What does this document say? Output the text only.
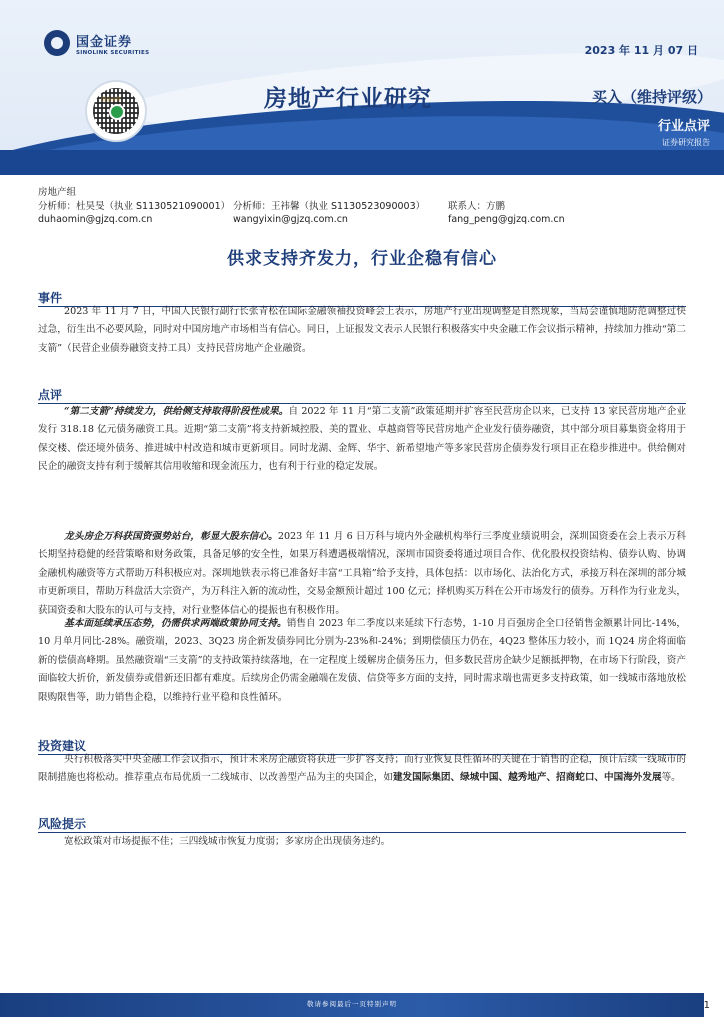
国金证券
SINOLINK SECURITIES	2023 年 11 月 07 日
国金证券	房地产行业研究	买入（维持评级）
行业点评
证券研究报告
房地产组
分析师：杜昊旻（执业 S1130521090001） 分析师：王祎馨（执业 S1130523090003）	联系人：方鹏
duhaomin@gjzq.com.cn	wangyixin@gjzq.com.cn	fang_peng@gjzq.com.cn
供求支持齐发力，行业企稳有信心
事件
2023 年 11 月 7 日，中国人民银行副行长张青松在国际金融领袖投资峰会上表示，房地产行业出现调整是自然现象，当局会谨慎地防范调整过快过急，衍生出不必要风险，同时对中国房地产市场相当有信心。同日，上证报发文表示人民银行积极落实中央金融工作会议指示精神，持续加力推动“第二支箭”（民营企业债券融资支持工具）支持民营房地产企业融资。
点评
“第二支箭”持续发力，供给侧支持取得阶段性成果。自 2022 年 11 月“第二支箭”政策延期并扩容至民营房企以来，已支持 13 家民营房地产企业发行 318.18 亿元债务融资工具。近期“第二支箭”将支持新城控股、美的置业、卓越商管等民营房地产企业发行债券融资，其中部分项目募集资金将用于保交楼、偿还境外债务、推进城中村改造和城市更新项目。同时龙湖、金辉、华宇、新希望地产等多家民营房企债券发行项目正在稳步推进中。供给侧对民企的融资支持有利于缓解其信用收缩和现金流压力，也有利于行业的稳定发展。
龙头房企万科获国资强势站台，彰显大股东信心。2023 年 11 月 6 日万科与境内外金融机构举行三季度业绩说明会，深圳国资委在会上表示万科长期坚持稳健的经营策略和财务政策，具备足够的安全性，如果万科遭遇极端情况，深圳市国资委将通过项目合作、优化股权投资结构、债券认购、协调金融机构融资等方式帮助万科积极应对。深圳地铁表示将已准备好丰富“工具箱”给予支持，具体包括：以市场化、法治化方式，承接万科在深圳的部分城市更新项目，帮助万科盘活大宗资产，为万科注入新的流动性，交易金额预计超过 100 亿元；择机购买万科在公开市场发行的债券。万科作为行业龙头，获国资委和大股东的认可与支持，对行业整体信心的提振也有积极作用。
基本面延续承压态势，仍需供求两端政策协同支持。销售自 2023 年二季度以来延续下行态势，1-10 月百强房企全口径销售金额累计同比-14%， 10 月单月同比-28%。融资端，2023、3Q23 房企新发债券同比分别为-23%和-24%；到期偿债压力仍在，4Q23 整体压力较小，而 1Q24 房企将面临新的偿债高峰期。虽然融资端“三支箭”的支持政策持续落地，在一定程度上缓解房企债务压力，但多数民营房企缺少足额抵押物，在市场下行阶段，资产面临较大折价，新发债券或借新还旧都有难度。后续房企仍需金融端在发债、信贷等多方面的支持，同时需求端也需更多支持政策，如一线城市落地放松限购限售等，助力销售企稳，以维持行业平稳和良性循环。
投资建议
央行积极落实中央金融工作会议指示，预计未来房企融资将获进一步扩容支持；而行业恢复良性循环的关键在于销售的企稳，预计后续一线城市的限制措施也将松动。推荐重点布局优质一二线城市、以改善型产品为主的央国企，如建发国际集团、绿城中国、越秀地产、招商蛇口、中国海外发展等。
风险提示
宽松政策对市场提振不佳；三四线城市恢复力度弱；多家房企出现债务违约。
敬请参阅最后一页特别声明	1
